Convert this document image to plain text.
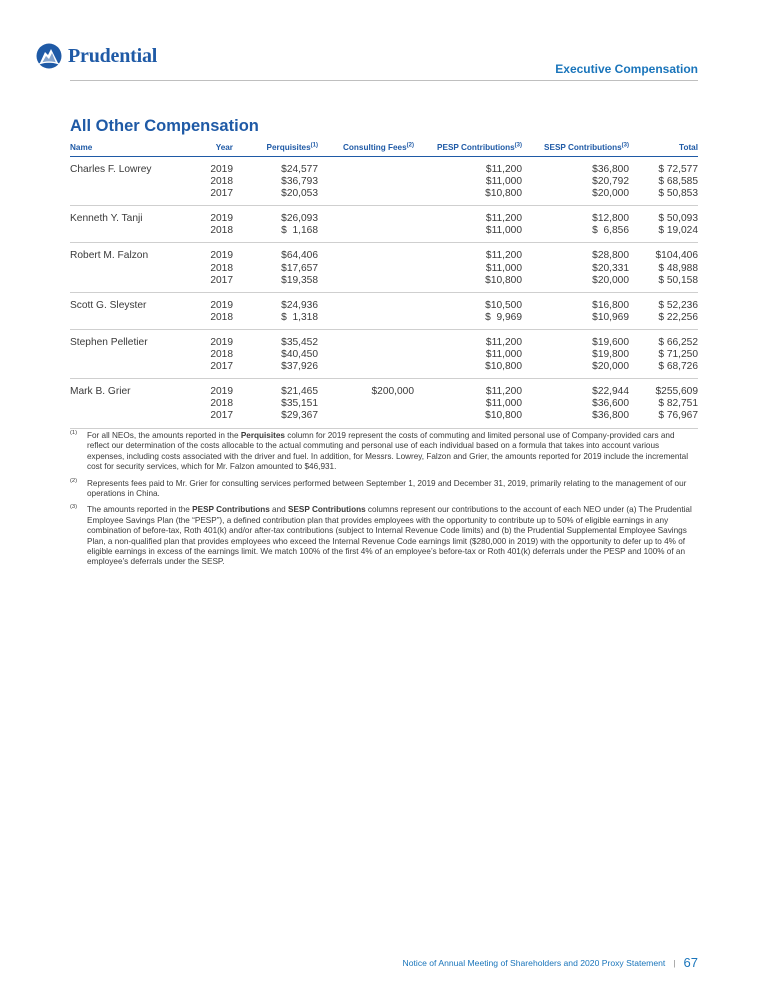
Prudential
Executive Compensation
All Other Compensation
Name	Year	Perquisites$^{(1)}$	Consulting Fees$^{(2)}$	PESP Contributions$^{(3)}$	SESP Contributions$^{(3)}$	Total
Charles F. Lowrey	2019	$24,577		$11,200	$36,800	$ 72,577
	2018	$36,793		$11,000	$20,792	$ 68,585
	2017	$20,053		$10,800	$20,000	$ 50,853
Kenneth Y. Tanji	2019	$26,093		$11,200	$12,800	$ 50,093
	2018	$  1,168		$11,000	$  6,856	$ 19,024
Robert M. Falzon	2019	$64,406		$11,200	$28,800	$104,406
	2018	$17,657		$11,000	$20,331	$ 48,988
	2017	$19,358		$10,800	$20,000	$ 50,158
Scott G. Sleyster	2019	$24,936		$10,500	$16,800	$ 52,236
	2018	$  1,318		$  9,969	$10,969	$ 22,256
Stephen Pelletier	2019	$35,452		$11,200	$19,600	$ 66,252
	2018	$40,450		$11,000	$19,800	$ 71,250
	2017	$37,926		$10,800	$20,000	$ 68,726
Mark B. Grier	2019	$21,465	$200,000	$11,200	$22,944	$255,609
	2018	$35,151		$11,000	$36,600	$ 82,751
	2017	$29,367		$10,800	$36,800	$ 76,967
(1) For all NEOs, the amounts reported in the Perquisites column for 2019 represent the costs of commuting and limited personal use of Company-provided cars and reflect our determination of the costs allocable to the actual commuting and personal use of each individual based on a formula that takes into account various expenses, including costs associated with the driver and fuel. In addition, for Messrs. Lowrey, Falzon and Grier, the amounts reported for 2019 include the incremental cost for security services, which for Mr. Falzon amounted to $46,931.
(2) Represents fees paid to Mr. Grier for consulting services performed between September 1, 2019 and December 31, 2019, primarily relating to the management of our operations in China.
(3) The amounts reported in the PESP Contributions and SESP Contributions columns represent our contributions to the account of each NEO under (a) The Prudential Employee Savings Plan (the “PESP”), a defined contribution plan that provides employees with the opportunity to contribute up to 50% of eligible earnings in any combination of before-tax, Roth 401(k) and/or after-tax contributions (subject to Internal Revenue Code limits) and (b) the Prudential Supplemental Employee Savings Plan, a non-qualified plan that provides employees who exceed the Internal Revenue Code earnings limit ($280,000 in 2019) with the opportunity to defer up to 4% of eligible earnings in excess of the earnings limit. We match 100% of the first 4% of an employee’s before-tax or Roth 401(k) deferrals under the PESP and 100% of an employee’s deferrals under the SESP.
Notice of Annual Meeting of Shareholders and 2020 Proxy Statement | 67
